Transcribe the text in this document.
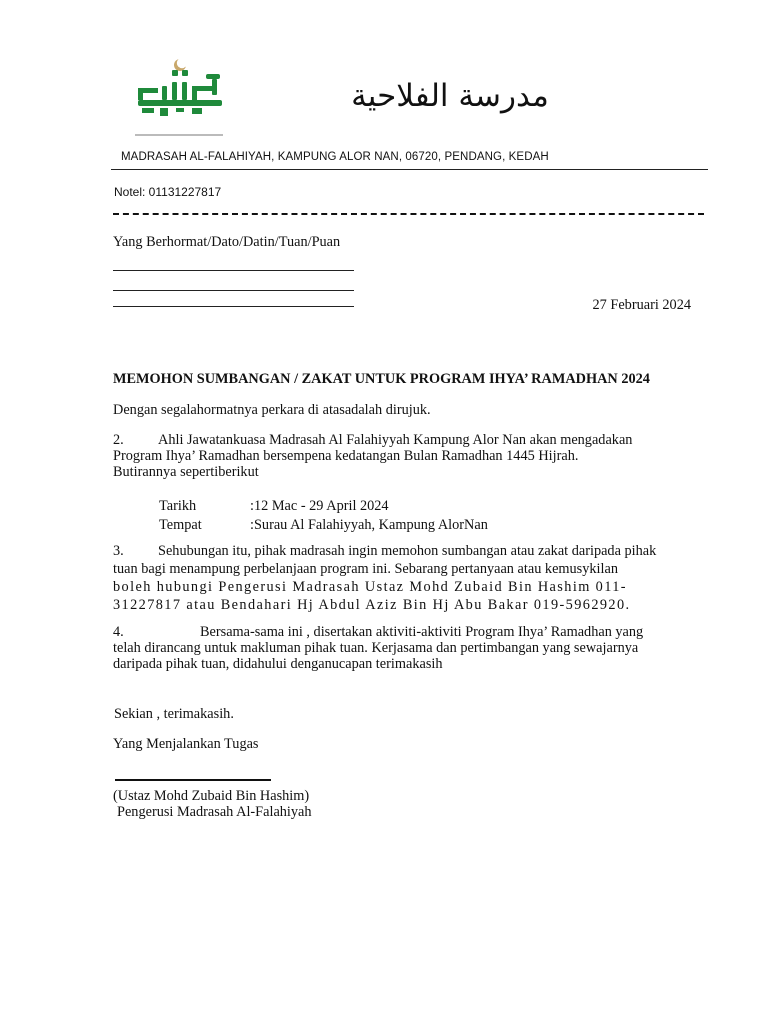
مدرسة الفلاحية
MADRASAH AL-FALAHIYAH, KAMPUNG ALOR NAN, 06720, PENDANG, KEDAH
Notel: 01131227817
Yang Berhormat/Dato/Datin/Tuan/Puan
27 Februari 2024
MEMOHON SUMBANGAN / ZAKAT UNTUK PROGRAM IHYA’ RAMADHAN 2024
Dengan segalahormatnya perkara di atasadalah dirujuk.
2. Ahli Jawatankuasa Madrasah Al Falahiyyah Kampung Alor Nan akan mengadakan
Program Ihya’ Ramadhan bersempena kedatangan Bulan Ramadhan 1445 Hijrah.
Butirannya sepertiberikut
Tarikh	:12 Mac - 29 April 2024
Tempat	:Surau Al Falahiyyah, Kampung AlorNan
3. Sehubungan itu, pihak madrasah ingin memohon sumbangan atau zakat daripada pihak
tuan bagi menampung perbelanjaan program ini. Sebarang pertanyaan atau kemusykilan
boleh hubungi Pengerusi Madrasah Ustaz Mohd Zubaid Bin Hashim 011-
31227817 atau Bendahari Hj Abdul Aziz Bin Hj Abu Bakar 019-5962920.
4.	Bersama-sama ini , disertakan aktiviti-aktiviti Program Ihya’ Ramadhan yang
telah dirancang untuk makluman pihak tuan. Kerjasama dan pertimbangan yang sewajarnya
daripada pihak tuan, didahului denganucapan terimakasih
Sekian , terimakasih.
Yang Menjalankan Tugas
(Ustaz Mohd Zubaid Bin Hashim)
Pengerusi Madrasah Al-Falahiyah
